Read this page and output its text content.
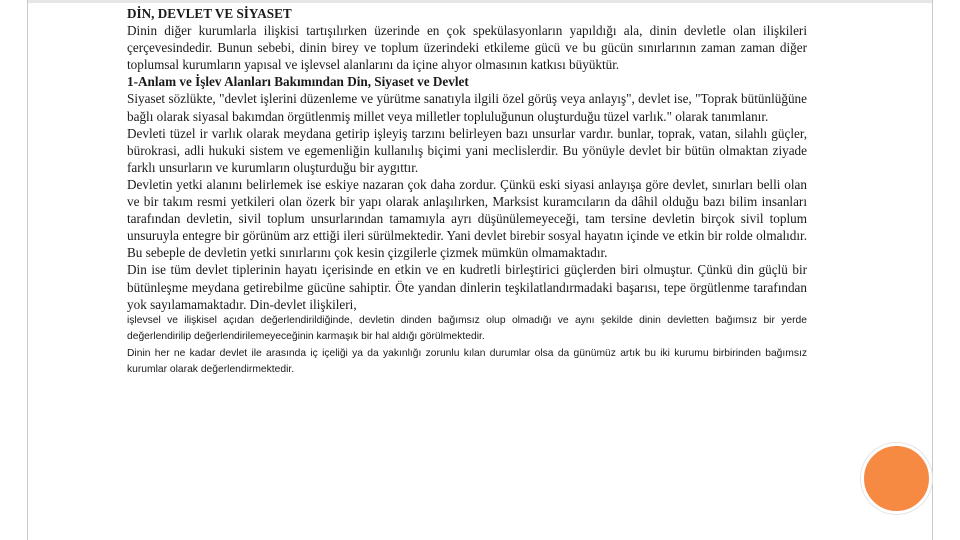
DİN, DEVLET VE SİYASET

Dinin diğer kurumlarla ilişkisi tartışılırken üzerinde en çok spekülasyonların yapıldığı ala, dinin devletle olan ilişkileri çerçevesindedir. Bunun sebebi, dinin birey ve toplum üzerindeki etkileme gücü ve bu gücün sınırlarının zaman zaman diğer toplumsal kurumların yapısal ve işlevsel alanlarını da içine alıyor olmasının katkısı büyüktür.

1-Anlam ve İşlev Alanları Bakımından Din, Siyaset ve Devlet

Siyaset sözlükte, "devlet işlerini düzenleme ve yürütme sanatıyla ilgili özel görüş veya anlayış", devlet ise, "Toprak bütünlüğüne bağlı olarak siyasal bakımdan örgütlenmiş millet veya milletler topluluğunun oluşturduğu tüzel varlık." olarak tanımlanır.

Devleti tüzel ir varlık olarak meydana getirip işleyiş tarzını belirleyen bazı unsurlar vardır. bunlar, toprak, vatan, silahlı güçler, bürokrasi, adli hukuki sistem ve egemenliğin kullanılış biçimi yani meclislerdir. Bu yönüyle devlet bir bütün olmaktan ziyade farklı unsurların ve kurumların oluşturduğu bir aygıttır.

Devletin yetki alanını belirlemek ise eskiye nazaran çok daha zordur. Çünkü eski siyasi anlayışa göre devlet, sınırları belli olan ve bir takım resmi yetkileri olan özerk bir yapı olarak anlaşılırken, Marksist kuramcıların da dâhil olduğu bazı bilim insanları tarafından devletin, sivil toplum unsurlarından tamamıyla ayrı düşünülemeyeceği, tam tersine devletin birçok sivil toplum unsuruyla entegre bir görünüm arz ettiği ileri sürülmektedir. Yani devlet birebir sosyal hayatın içinde ve etkin bir rolde olmalıdır. Bu sebeple de devletin yetki sınırlarını çok kesin çizgilerle çizmek mümkün olmamaktadır.

Din ise tüm devlet tiplerinin hayatı içerisinde en etkin ve en kudretli birleştirici güçlerden biri olmuştur. Çünkü din güçlü bir bütünleşme meydana getirebilme gücüne sahiptir. Öte yandan dinlerin teşkilatlandırmadaki başarısı, tepe örgütlenme tarafından yok sayılamamaktadır. Din-devlet ilişkileri,

işlevsel ve ilişkisel açıdan değerlendirildiğinde, devletin dinden bağımsız olup olmadığı ve aynı şekilde dinin devletten bağımsız bir yerde değerlendirilip değerlendirilemeyeceğinin karmaşık bir hal aldığı görülmektedir.

Dinin her ne kadar devlet ile arasında iç içeliği ya da yakınlığı zorunlu kılan durumlar olsa da günümüz artık bu iki kurumu birbirinden bağımsız kurumlar olarak değerlendirmektedir.
